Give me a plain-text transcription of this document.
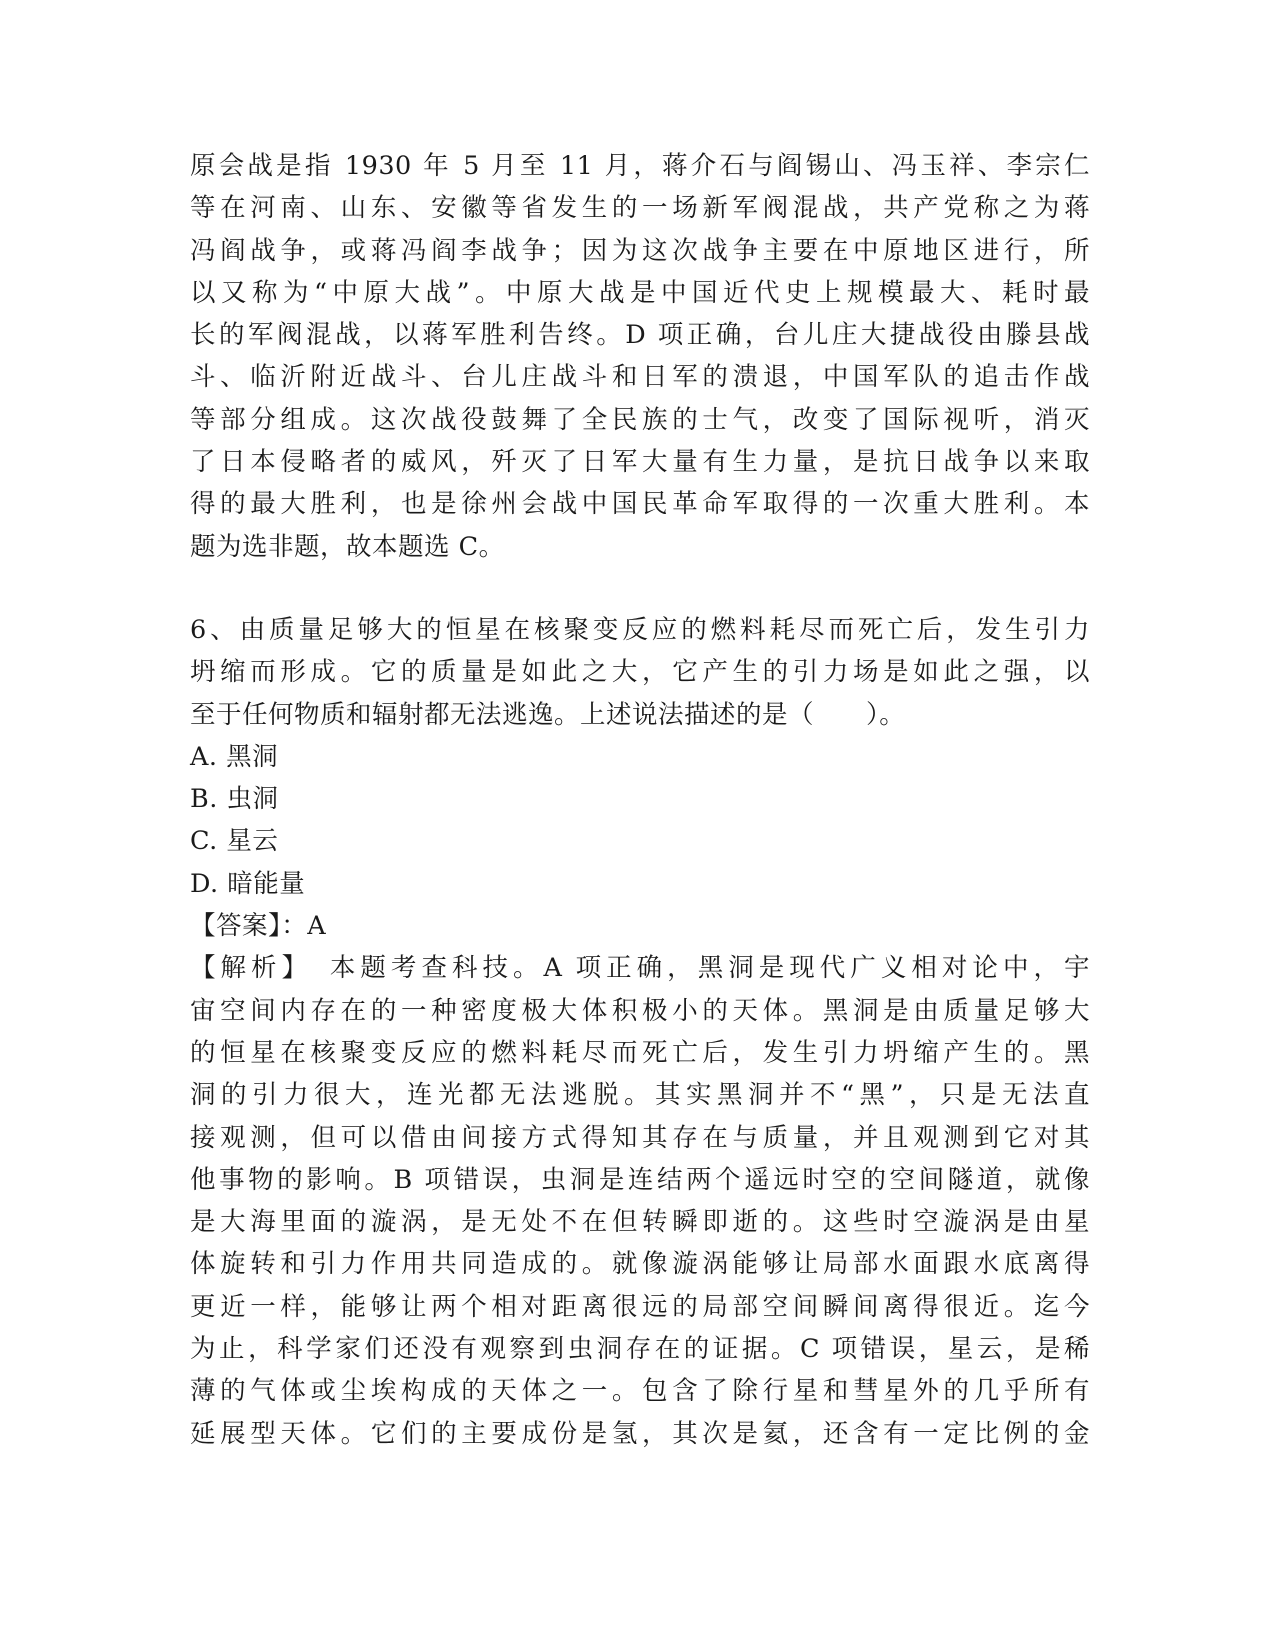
原会战是指 1930 年 5 月至 11 月，蒋介石与阎锡山、冯玉祥、李宗仁
等在河南、山东、安徽等省发生的一场新军阀混战，共产党称之为蒋
冯阎战争，或蒋冯阎李战争；因为这次战争主要在中原地区进行，所
以又称为“中原大战”。中原大战是中国近代史上规模最大、耗时最
长的军阀混战，以蒋军胜利告终。D 项正确，台儿庄大捷战役由滕县战
斗、临沂附近战斗、台儿庄战斗和日军的溃退，中国军队的追击作战
等部分组成。这次战役鼓舞了全民族的士气，改变了国际视听，消灭
了日本侵略者的威风，歼灭了日军大量有生力量，是抗日战争以来取
得的最大胜利，也是徐州会战中国民革命军取得的一次重大胜利。本
题为选非题，故本题选 C。
6、由质量足够大的恒星在核聚变反应的燃料耗尽而死亡后，发生引力
坍缩而形成。它的质量是如此之大，它产生的引力场是如此之强，以
至于任何物质和辐射都无法逃逸。上述说法描述的是（　　）。
A. 黑洞
B. 虫洞
C. 星云
D. 暗能量
【答案】：A
【解析】　本题考查科技。A 项正确，黑洞是现代广义相对论中，宇
宙空间内存在的一种密度极大体积极小的天体。黑洞是由质量足够大
的恒星在核聚变反应的燃料耗尽而死亡后，发生引力坍缩产生的。黑
洞的引力很大，连光都无法逃脱。其实黑洞并不“黑”，只是无法直
接观测，但可以借由间接方式得知其存在与质量，并且观测到它对其
他事物的影响。B 项错误，虫洞是连结两个遥远时空的空间隧道，就像
是大海里面的漩涡，是无处不在但转瞬即逝的。这些时空漩涡是由星
体旋转和引力作用共同造成的。就像漩涡能够让局部水面跟水底离得
更近一样，能够让两个相对距离很远的局部空间瞬间离得很近。迄今
为止，科学家们还没有观察到虫洞存在的证据。C 项错误，星云，是稀
薄的气体或尘埃构成的天体之一。包含了除行星和彗星外的几乎所有
延展型天体。它们的主要成份是氢，其次是氦，还含有一定比例的金
